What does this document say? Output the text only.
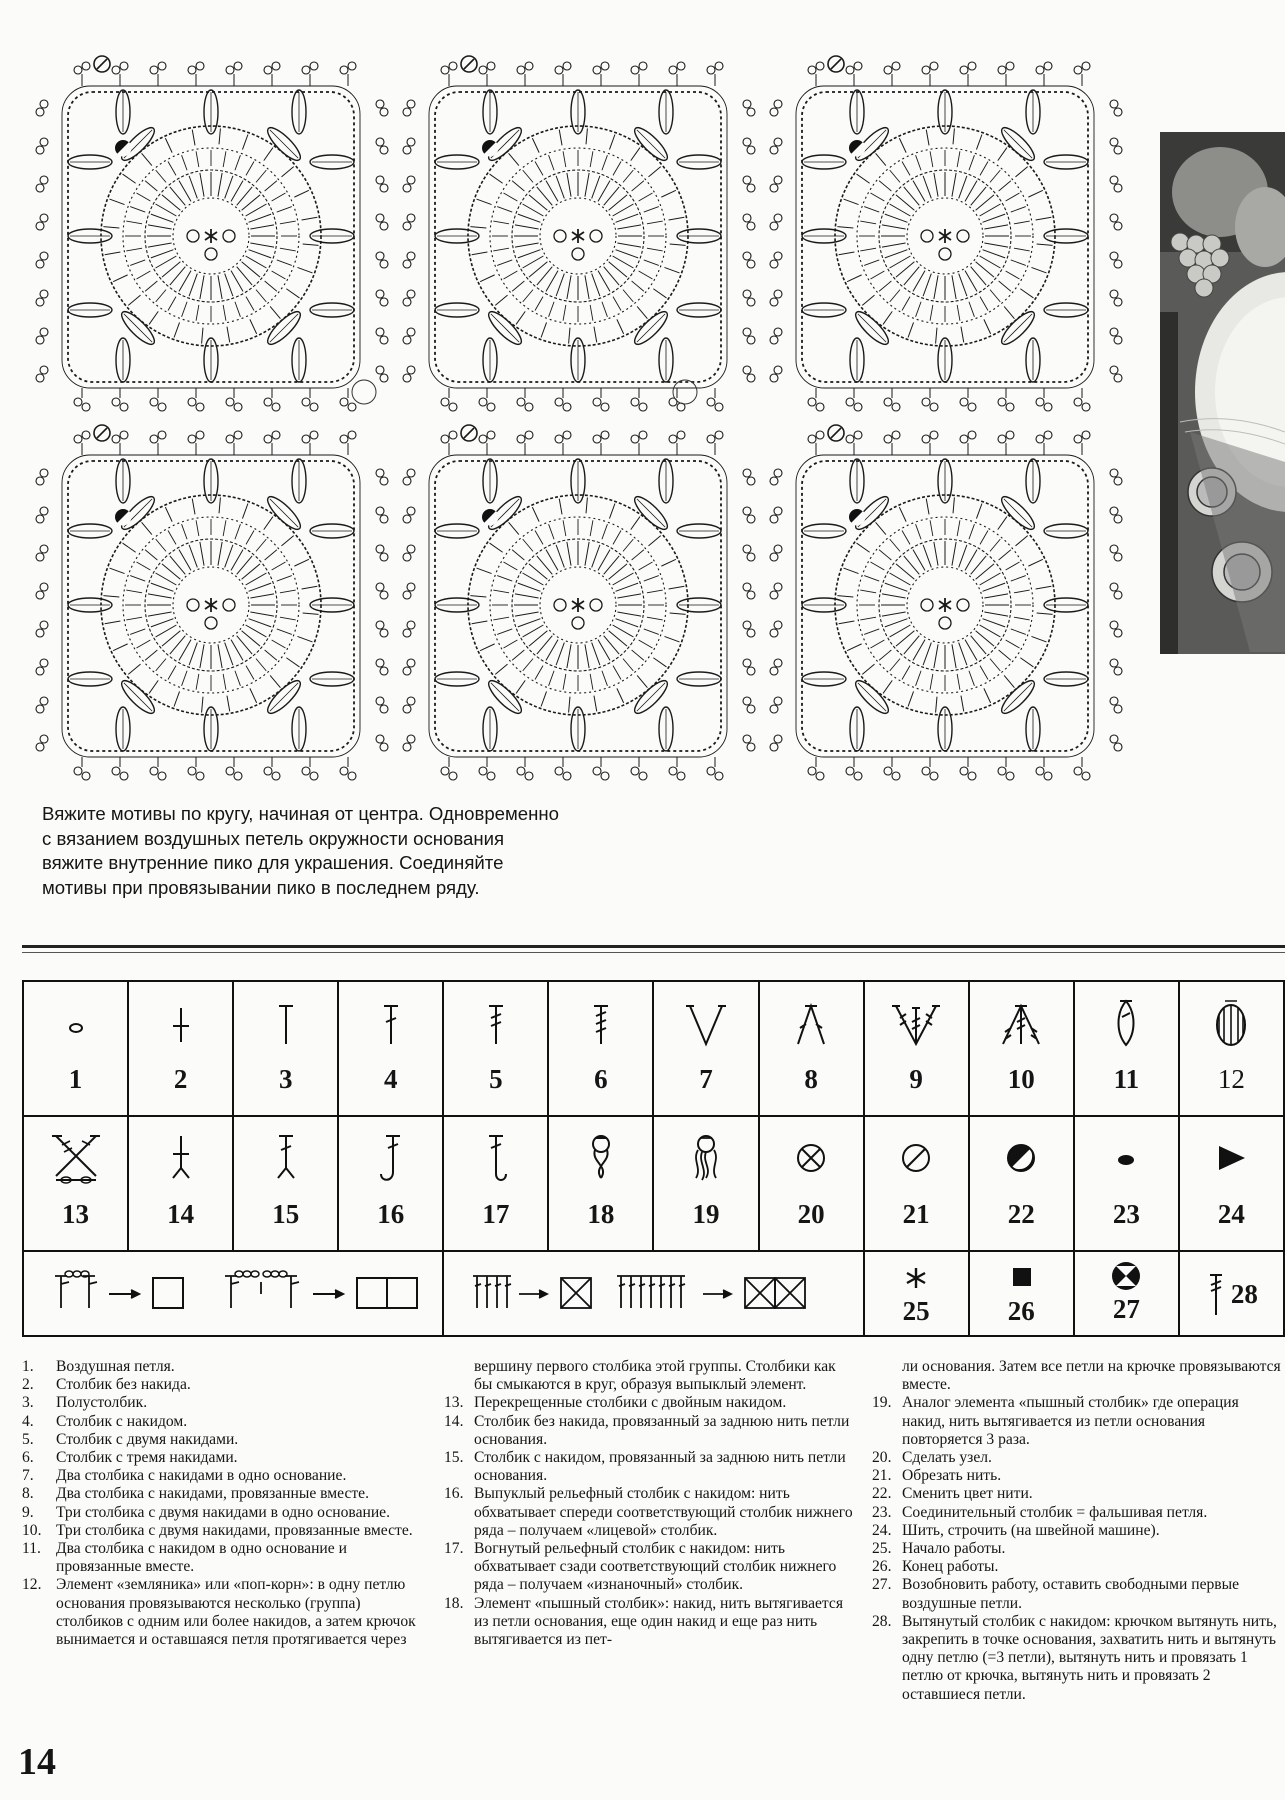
Вяжите мотивы по кругу, начиная от центра. Одновременно с вязанием воздушных петель окружности основания вяжите внутренние пико для украшения. Соединяйте мотивы при провязывании пико в последнем ряду.
1	2	3	4	5	6	7	8	9	10	11	12

13	14	15	16	17	18	19	20	21	22	23	24

25	26	27	28
1.	Воздушная петля.
2.	Столбик без накида.
3.	Полустолбик.
4.	Столбик с накидом.
5.	Столбик с двумя накидами.
6.	Столбик с тремя накидами.
7.	Два столбика с накидами в одно основание.
8.	Два столбика с накидами, провязанные вместе.
9.	Три столбика с двумя накидами в одно основание.
10. Три столбика с двумя накидами, провязанные вместе.
11. Два столбика с накидом в одно основание и провязанные вместе.
12. Элемент «земляника» или «поп-корн»: в одну петлю основания провязываются несколько (группа) столбиков с одним или более накидов, а затем крючок вынимается и оставшаяся петля протягивается через
вершину первого столбика этой группы. Столбики как бы смыкаются в круг, образуя выпыклый элемент.
13. Перекрещенные столбики с двойным накидом.
14. Столбик без накида, провязанный за заднюю нить петли основания.
15. Столбик с накидом, провязанный за заднюю нить петли основания.
16. Выпуклый рельефный столбик с накидом: нить обхватывает спереди соответствующий столбик нижнего ряда – получаем «лицевой» столбик.
17. Вогнутый рельефный столбик с накидом: нить обхватывает сзади соответствующий столбик нижнего ряда – получаем «изнаночный» столбик.
18. Элемент «пышный столбик»: накид, нить вытягивается из петли основания, еще один накид и еще раз нить вытягивается из пет-
ли основания. Затем все петли на крючке провязываются вместе.
19. Аналог элемента «пышный столбик» где операция накид, нить вытягивается из петли основания повторяется 3 раза.
20. Сделать узел.
21. Обрезать нить.
22. Сменить цвет нити.
23. Соединительный столбик = фальшивая петля.
24. Шить, строчить (на швейной машине).
25. Начало работы.
26. Конец работы.
27. Возобновить работу, оставить свободными первые воздушные петли.
28. Вытянутый столбик с накидом: крючком вытянуть нить, закрепить в точке основания, захватить нить и вытянуть одну петлю (=3 петли), вытянуть нить и провязать 1 петлю от крючка, вытянуть нить и провязать 2 оставшиеся петли.
14
